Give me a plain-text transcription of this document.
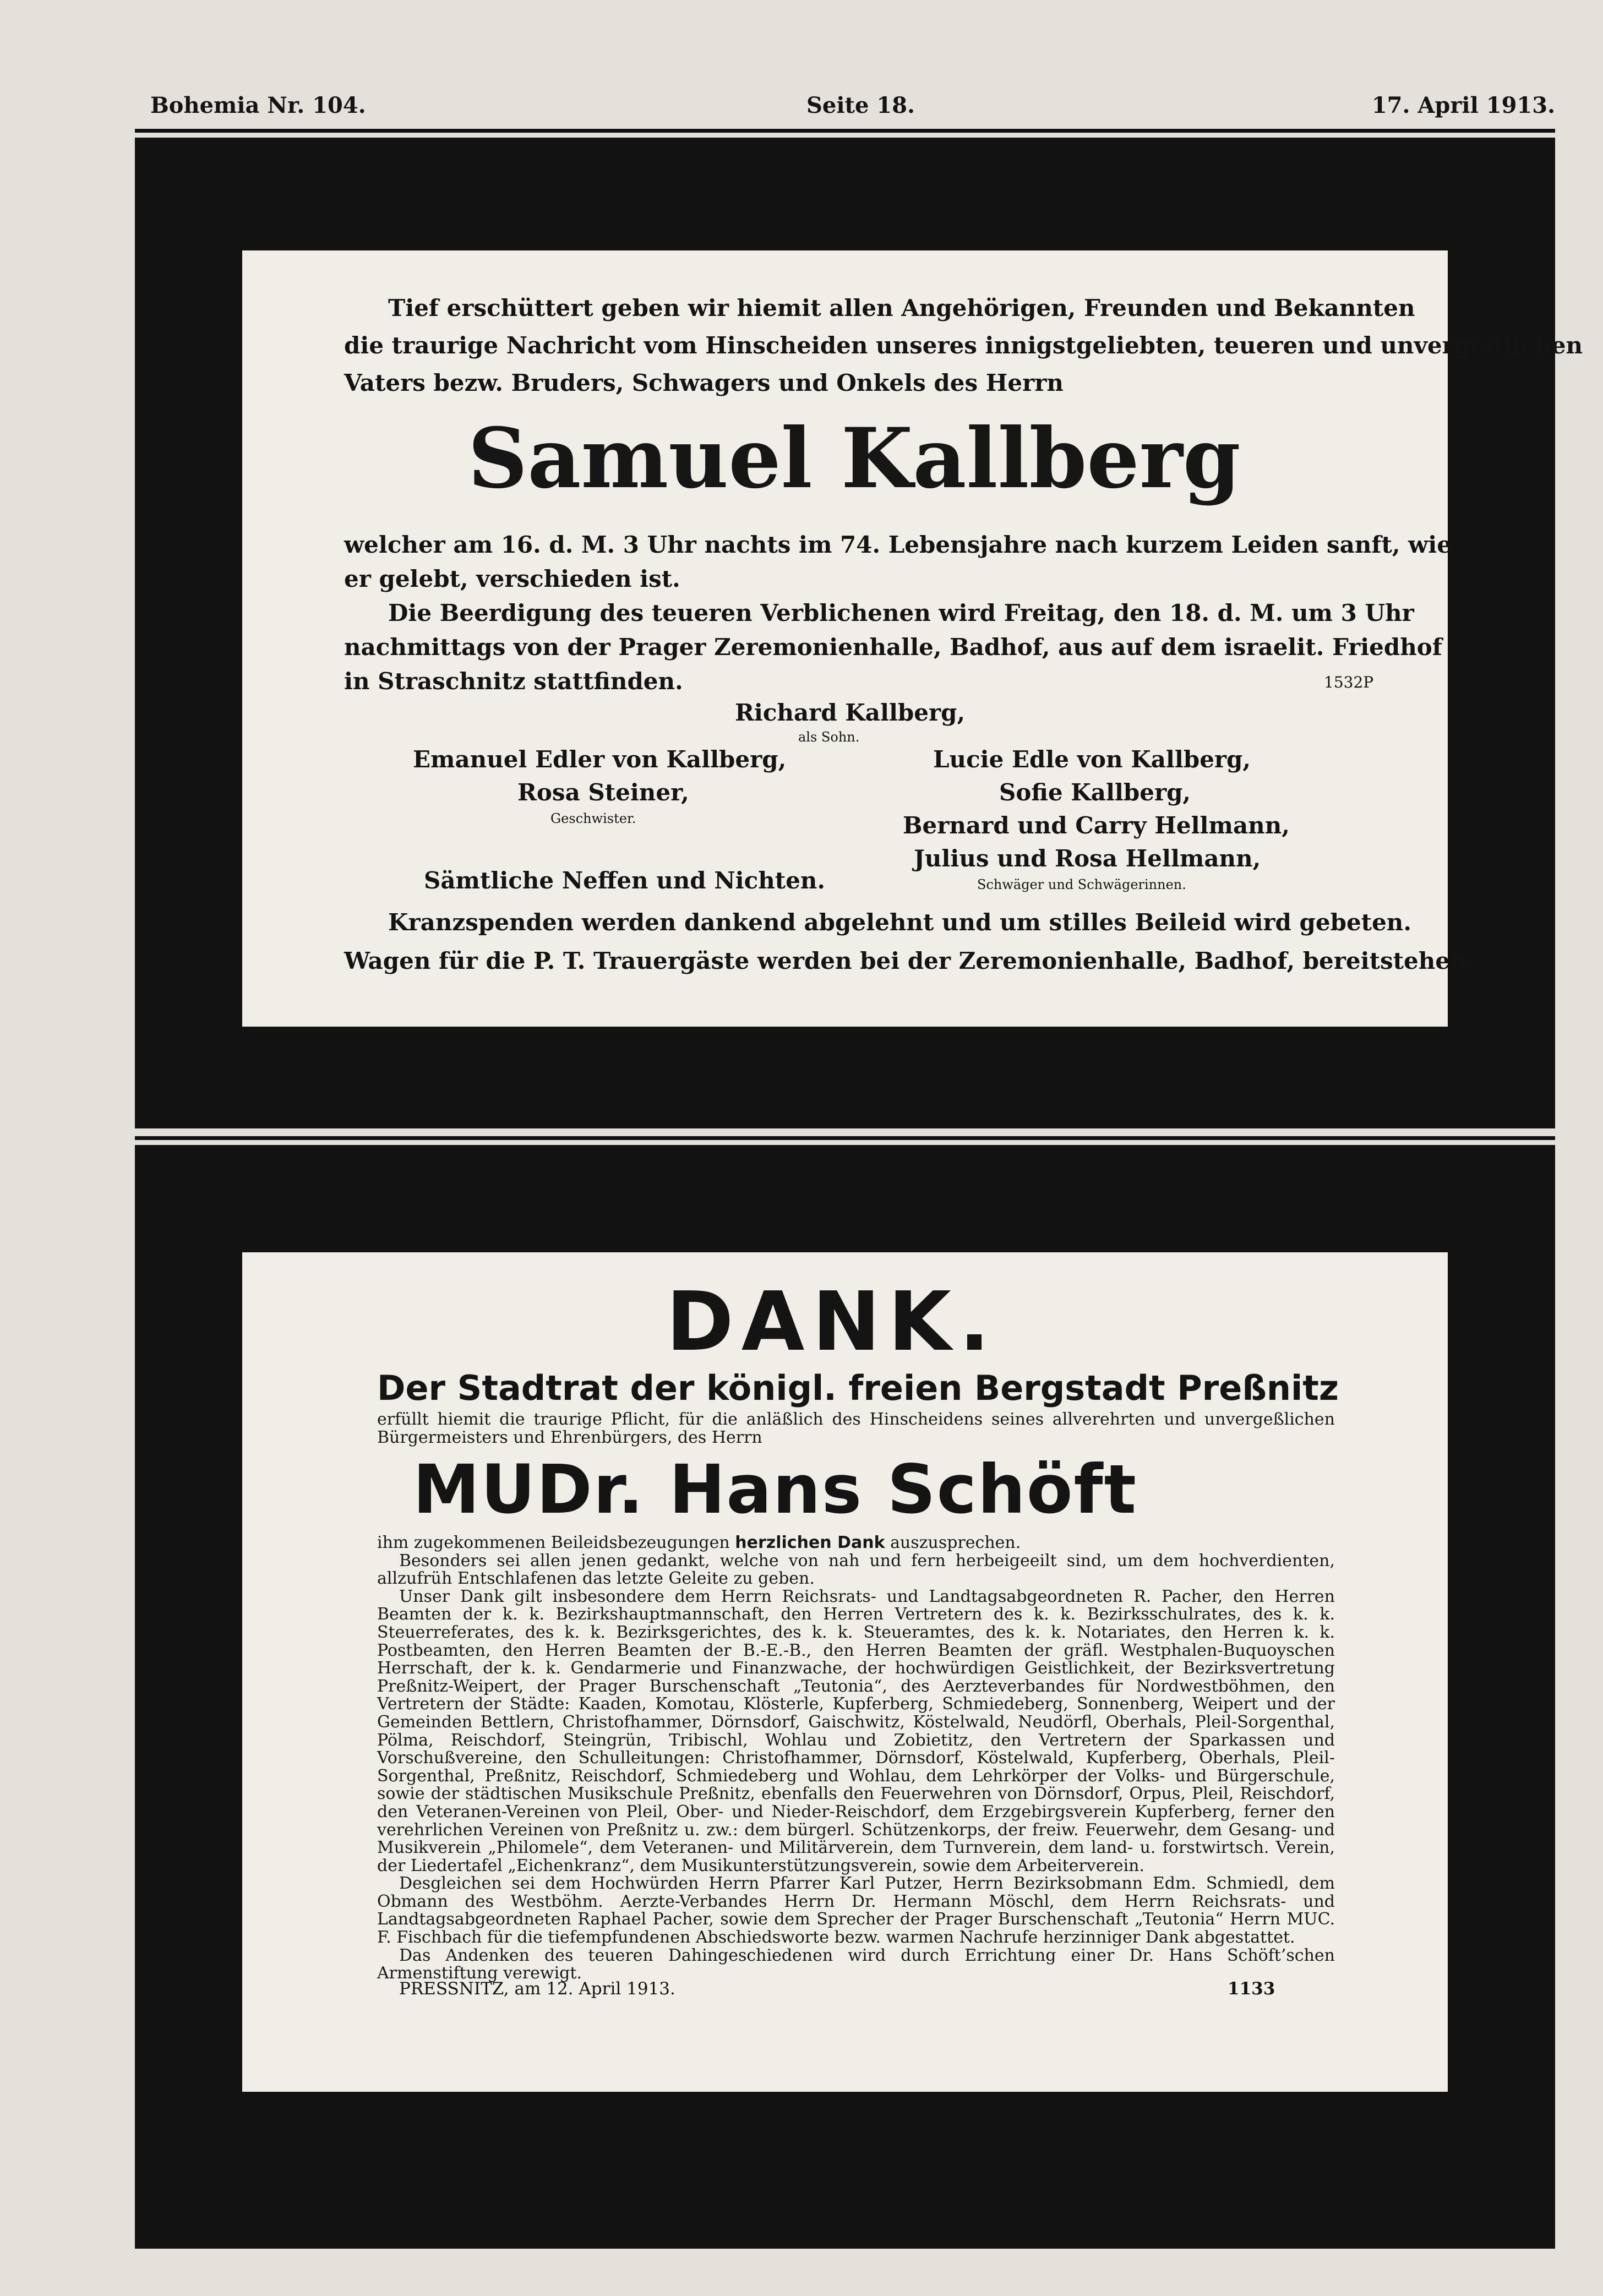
Bohemia Nr. 104.	Seite 18.	17. April 1913.
Tief erschüttert geben wir hiemit allen Angehörigen, Freunden und Bekannten
die traurige Nachricht vom Hinscheiden unseres innigstgeliebten, teueren und unvergeßlichen
Vaters bezw. Bruders, Schwagers und Onkels des Herrn
Samuel Kallberg
welcher am 16. d. M. 3 Uhr nachts im 74. Lebensjahre nach kurzem Leiden sanft, wie
er gelebt, verschieden ist.
Die Beerdigung des teueren Verblichenen wird Freitag, den 18. d. M. um 3 Uhr
nachmittags von der Prager Zeremonienhalle, Badhof, aus auf dem israelit. Friedhof
in Straschnitz stattfinden.	1532P
Richard Kallberg,
als Sohn.
Emanuel Edler von Kallberg,
Rosa Steiner,
Geschwister.
Lucie Edle von Kallberg,
Sofie Kallberg,
Bernard und Carry Hellmann,
Julius und Rosa Hellmann,
Schwäger und Schwägerinnen.
Sämtliche Neffen und Nichten.
Kranzspenden werden dankend abgelehnt und um stilles Beileid wird gebeten.
Wagen für die P. T. Trauergäste werden bei der Zeremonienhalle, Badhof, bereitstehen.
DANK.
Der Stadtrat der königl. freien Bergstadt Preßnitz
erfüllt hiemit die traurige Pflicht, für die anläßlich des Hinscheidens seines allverehrten und unvergeßlichen Bürgermeisters und Ehrenbürgers, des Herrn
MUDr. Hans Schöft

ihm zugekommenen Beileidsbezeugungen herzlichen Dank auszusprechen.

Besonders sei allen jenen gedankt, welche von nah und fern herbeigeeilt sind, um dem hochverdienten, allzufrüh Entschlafenen das letzte Geleite zu geben.

Unser Dank gilt insbesondere dem Herrn Reichsrats- und Landtagsabgeordneten R. Pacher, den Herren Beamten der k. k. Bezirkshauptmannschaft, den Herren Vertretern des k. k. Bezirksschulrates, des k. k. Steuerreferates, des k. k. Bezirksgerichtes, des k. k. Steueramtes, des k. k. Notariates, den Herren k. k. Postbeamten, den Herren Beamten der B.-E.-B., den Herren Beamten der gräfl. Westphalen-Buquoyschen Herrschaft, der k. k. Gendarmerie und Finanzwache, der hochwürdigen Geistlichkeit, der Bezirksvertretung Preßnitz-Weipert, der Prager Burschenschaft „Teutonia“, des Aerzteverbandes für Nordwestböhmen, den Vertretern der Städte: Kaaden, Komotau, Klösterle, Kupferberg, Schmiedeberg, Sonnenberg, Weipert und der Gemeinden Bettlern, Christofhammer, Dörnsdorf, Gaischwitz, Köstelwald, Neudörfl, Oberhals, Pleil-Sorgenthal, Pölma, Reischdorf, Steingrün, Tribischl, Wohlau und Zobietitz, den Vertretern der Sparkassen und Vorschußvereine, den Schulleitungen: Christofhammer, Dörnsdorf, Köstelwald, Kupferberg, Oberhals, Pleil-Sorgenthal, Preßnitz, Reischdorf, Schmiedeberg und Wohlau, dem Lehrkörper der Volks- und Bürgerschule, sowie der städtischen Musikschule Preßnitz, ebenfalls den Feuerwehren von Dörnsdorf, Orpus, Pleil, Reischdorf, den Veteranen-Vereinen von Pleil, Ober- und Nieder-Reischdorf, dem Erzgebirgsverein Kupferberg, ferner den verehrlichen Vereinen von Preßnitz u. zw.: dem bürgerl. Schützenkorps, der freiw. Feuerwehr, dem Gesang- und Musikverein „Philomele“, dem Veteranen- und Militärverein, dem Turnverein, dem land- u. forstwirtsch. Verein, der Liedertafel „Eichenkranz“, dem Musikunterstützungsverein, sowie dem Arbeiterverein.

Desgleichen sei dem Hochwürden Herrn Pfarrer Karl Putzer, Herrn Bezirksobmann Edm. Schmiedl, dem Obmann des Westböhm. Aerzte-Verbandes Herrn Dr. Hermann Möschl, dem Herrn Reichsrats- und Landtagsabgeordneten Raphael Pacher, sowie dem Sprecher der Prager Burschenschaft „Teutonia“ Herrn MUC. F. Fischbach für die tiefempfundenen Abschiedsworte bezw. warmen Nachrufe herzinniger Dank abgestattet.

Das Andenken des teueren Dahingeschiedenen wird durch Errichtung einer Dr. Hans Schöft’schen Armenstiftung verewigt.

PRESSNITZ, am 12. April 1913.	1133
